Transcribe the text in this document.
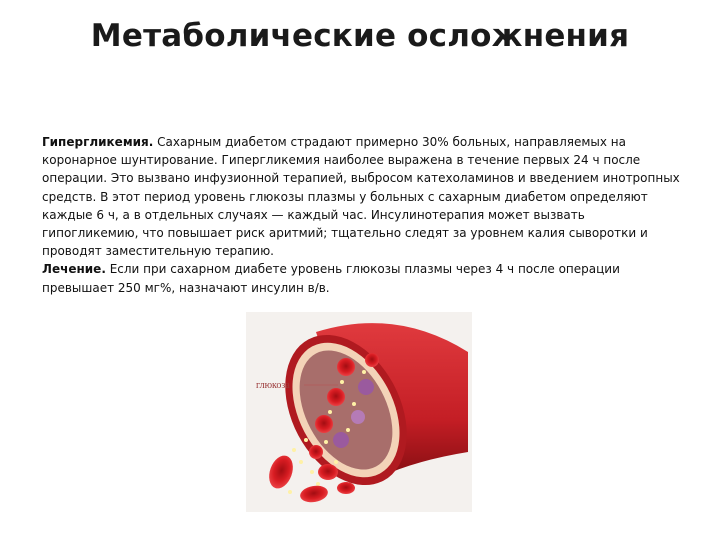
Метаболические осложнения

Гипергликемия. Сахарным диабетом страдают примерно 30% больных, направляемых на коронарное шунтирование. Гипергликемия наиболее выражена в течение первых 24 ч после операции. Это вызвано инфузионной терапией, выбросом катехоламинов и введением инотропных средств. В этот период уровень глюкозы плазмы у больных с сахарным диабетом определяют каждые 6 ч, а в отдельных случаях — каждый час. Инсулинотерапия может вызвать гипогликемию, что повышает риск аритмий; тщательно следят за уровнем калия сыворотки и проводят заместительную терапию.

Лечение. Если при сахарном диабете уровень глюкозы плазмы через 4 ч после операции превышает 250 мг%, назначают инсулин в/в.

глюкоза
